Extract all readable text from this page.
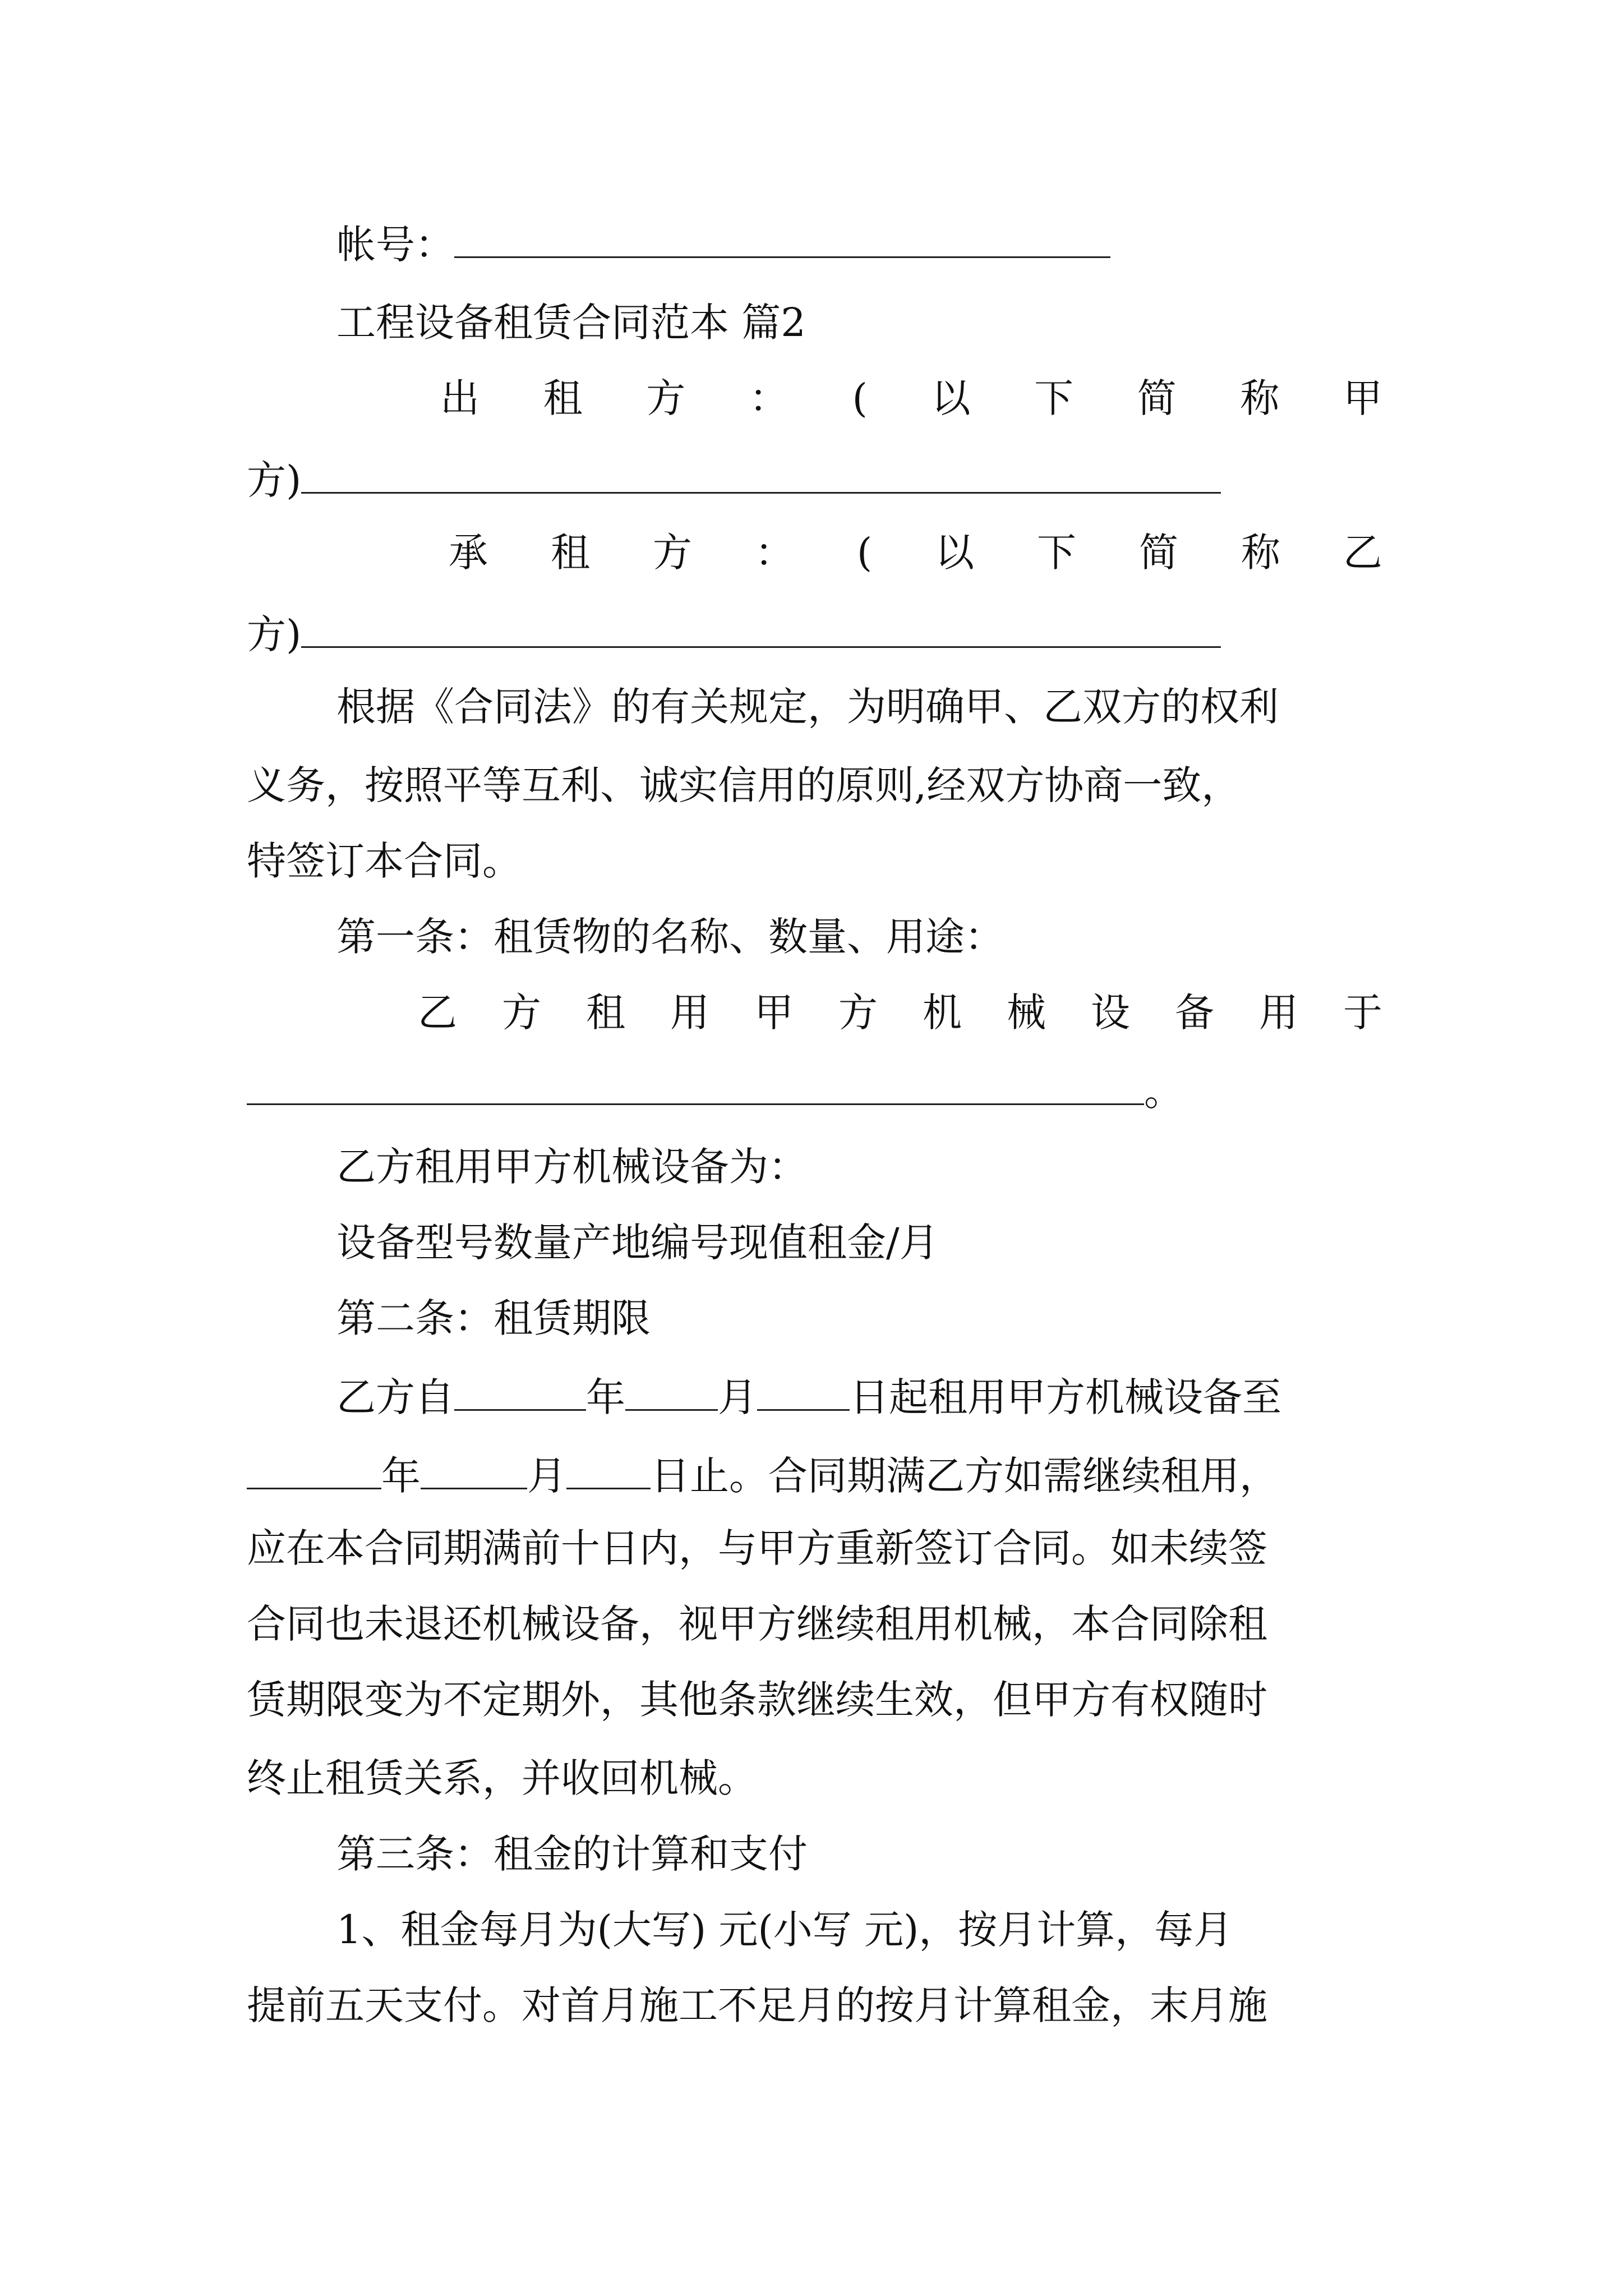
帐号：
工程设备租赁合同范本 篇2
出 租 方 ： ( 以 下 简 称 甲
方)
承 租 方 ： ( 以 下 简 称 乙
方)
根据《合同法》的有关规定，为明确甲、乙双方的权利
义务，按照平等互利、诚实信用的原则,经双方协商一致，
特签订本合同。
第一条：租赁物的名称、数量、用途：
乙 方 租 用 甲 方 机 械 设 备 用 于
。
乙方租用甲方机械设备为：
设备型号数量产地编号现值租金/月
第二条：租赁期限
乙方自	年 月 日起租用甲方机械设备至
年	月 日止。合同期满乙方如需继续租用，
应在本合同期满前十日内，与甲方重新签订合同。如未续签
合同也未退还机械设备，视甲方继续租用机械，本合同除租
赁期限变为不定期外，其他条款继续生效，但甲方有权随时
终止租赁关系，并收回机械。
第三条：租金的计算和支付
1、租金每月为(大写) 元(小写 元)，按月计算，每月
提前五天支付。对首月施工不足月的按月计算租金，末月施
